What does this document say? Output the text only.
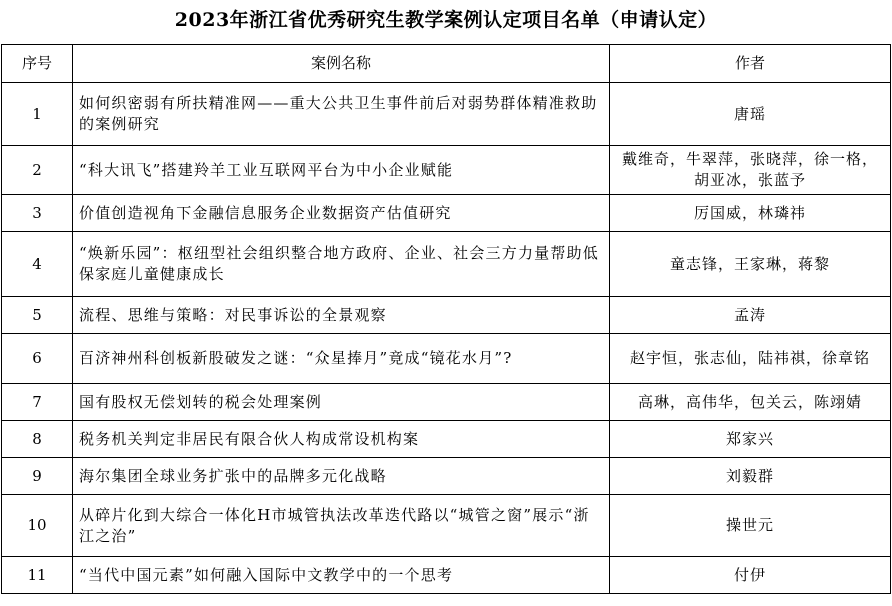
2023年浙江省优秀研究生教学案例认定项目名单（申请认定）
序号	案例名称	作者
1	如何织密弱有所扶精准网——重大公共卫生事件前后对弱势群体精准救助的案例研究	唐瑶
2	“科大讯飞”搭建羚羊工业互联网平台为中小企业赋能	戴维奇，牛翠萍，张晓萍，徐一格，胡亚冰，张蓝予
3	价值创造视角下金融信息服务企业数据资产估值研究	厉国威，林璘祎
4	“焕新乐园”：枢纽型社会组织整合地方政府、企业、社会三方力量帮助低保家庭儿童健康成长	童志锋，王家琳，蒋黎
5	流程、思维与策略：对民事诉讼的全景观察	孟涛
6	百济神州科创板新股破发之谜：“众星捧月”竟成“镜花水月”?	赵宇恒，张志仙，陆祎祺，徐章铭
7	国有股权无偿划转的税会处理案例	高琳，高伟华，包关云，陈翊婧
8	税务机关判定非居民有限合伙人构成常设机构案	郑家兴
9	海尔集团全球业务扩张中的品牌多元化战略	刘毅群
10	从碎片化到大综合一体化H市城管执法改革迭代路以“城管之窗”展示“浙江之治”	操世元
11	“当代中国元素”如何融入国际中文教学中的一个思考	付伊
